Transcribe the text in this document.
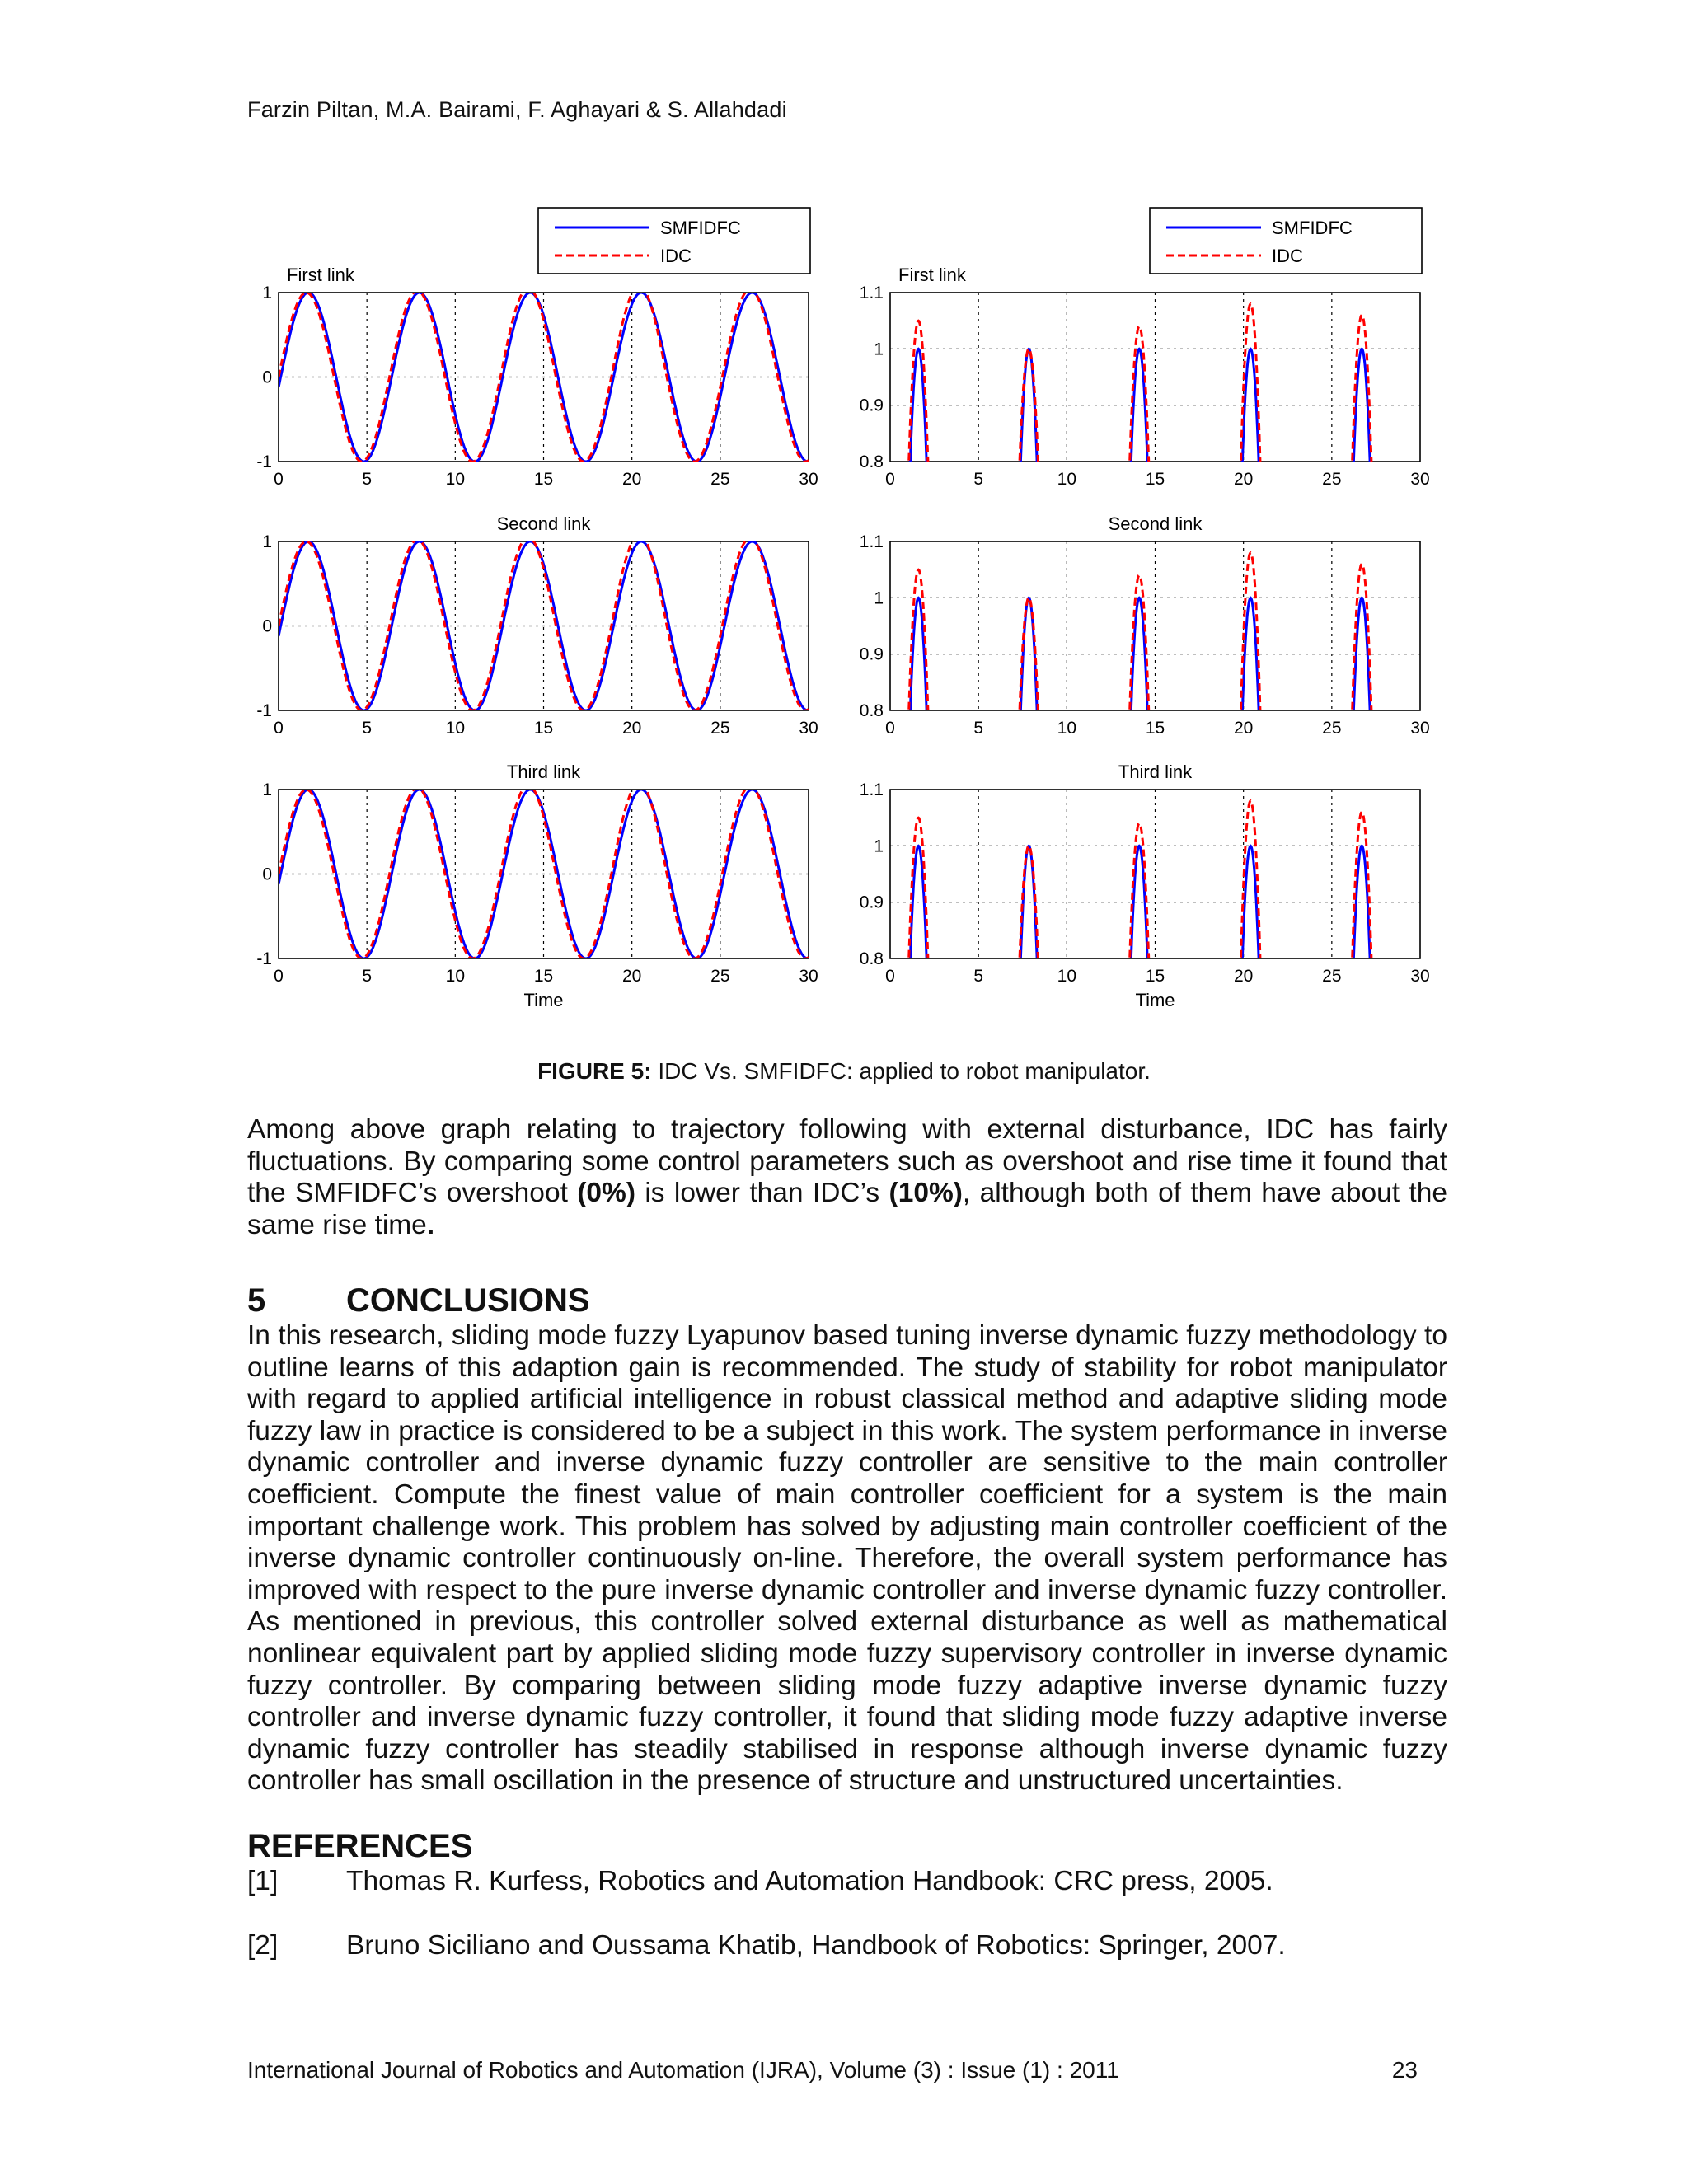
Farzin Piltan, M.A. Bairami, F. Aghayari & S. Allahdadi
0	5	10	15	20	25	30
-1
0
1
First link
SMFIDFC
IDC
0	5	10	15	20	25	30
0.8
0.9
1
1.1
First link
SMFIDFC
IDC
0	5	10	15	20	25	30
-1
0
1
Second link
0	5	10	15	20	25	30
0.8
0.9
1
1.1
Second link
0	5	10	15	20	25	30
-1
0
1
Third link
Time
0	5	10	15	20	25	30
0.8
0.9
1
1.1
Third link
Time
FIGURE 5: IDC Vs. SMFIDFC: applied to robot manipulator.

Among above graph relating to trajectory following with external disturbance, IDC has fairly fluctuations. By comparing some control parameters such as overshoot and rise time it found that the SMFIDFC’s overshoot (0%) is lower than IDC’s (10%), although both of them have about the same rise time.

5 CONCLUSIONS

In this research, sliding mode fuzzy Lyapunov based tuning inverse dynamic fuzzy methodology to outline learns of this adaption gain is recommended. The study of stability for robot manipulator with regard to applied artificial intelligence in robust classical method and adaptive sliding mode fuzzy law in practice is considered to be a subject in this work. The system performance in inverse dynamic controller and inverse dynamic fuzzy controller are sensitive to the main controller coefficient. Compute the finest value of main controller coefficient for a system is the main important challenge work. This problem has solved by adjusting main controller coefficient of the inverse dynamic controller continuously on-line. Therefore, the overall system performance has improved with respect to the pure inverse dynamic controller and inverse dynamic fuzzy controller. As mentioned in previous, this controller solved external disturbance as well as mathematical nonlinear equivalent part by applied sliding mode fuzzy supervisory controller in inverse dynamic fuzzy controller. By comparing between sliding mode fuzzy adaptive inverse dynamic fuzzy controller and inverse dynamic fuzzy controller, it found that sliding mode fuzzy adaptive inverse dynamic fuzzy controller has steadily stabilised in response although inverse dynamic fuzzy controller has small oscillation in the presence of structure and unstructured uncertainties.

REFERENCES
[1] Thomas R. Kurfess, Robotics and Automation Handbook: CRC press, 2005.
[2] Bruno Siciliano and Oussama Khatib, Handbook of Robotics: Springer, 2007.
International Journal of Robotics and Automation (IJRA), Volume (3) : Issue (1) : 2011	23
